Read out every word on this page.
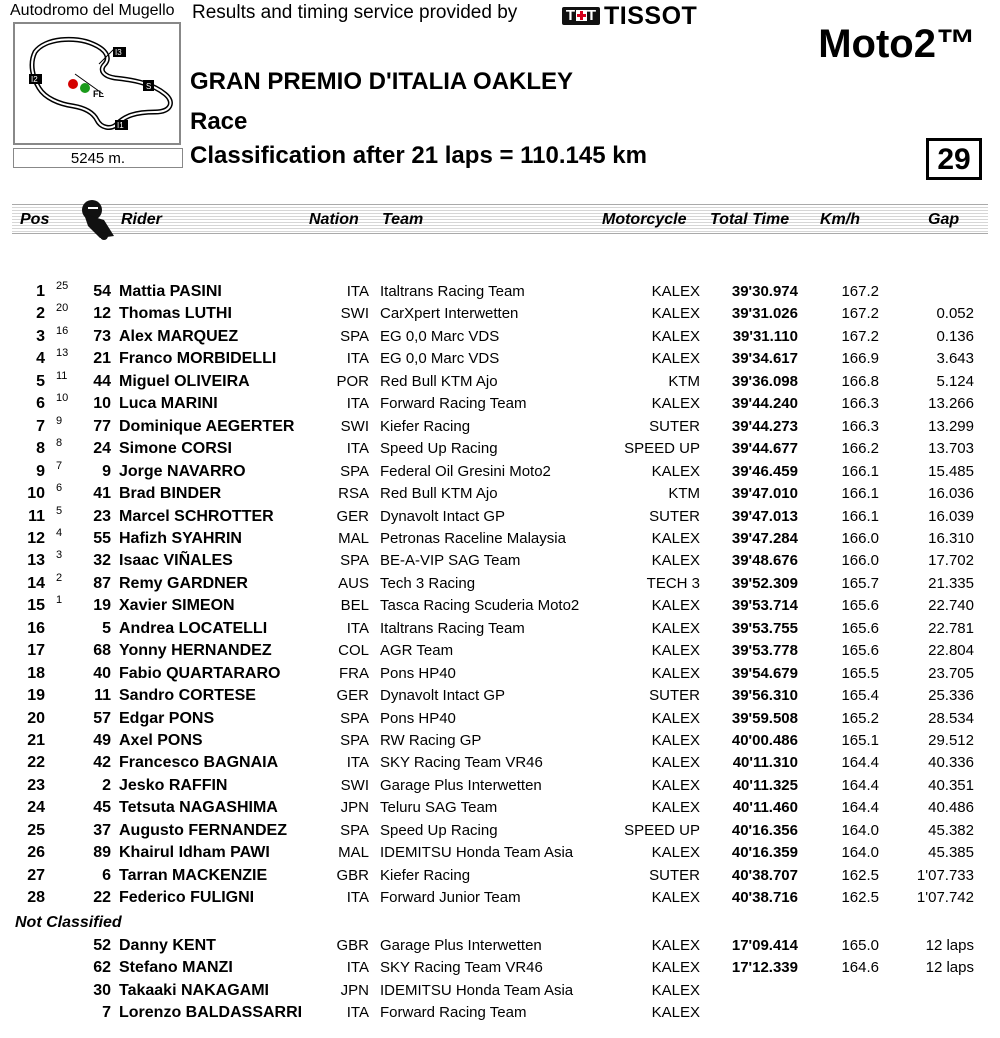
Autodromo del Mugello
I3
I2
S
FL
I1
5245 m.
Results and timing service provided by	T T TISSOT
Moto2™
GRAN PREMIO D'ITALIA OAKLEY
Race
Classification after 21 laps = 110.145 km	29
Pos	Rider	Nation Team	Motorcycle Total Time Km/h	Gap
1 25 54 Mattia PASINI	ITA Italtrans Racing Team	KALEX 39'30.974	167.2
2 20 12 Thomas LUTHI	SWI CarXpert Interwetten	KALEX 39'31.026	167.2	0.052
3 16 73 Alex MARQUEZ	SPA EG 0,0 Marc VDS	KALEX 39'31.110	167.2	0.136
4 13 21 Franco MORBIDELLI	ITA EG 0,0 Marc VDS	KALEX 39'34.617	166.9	3.643
5 11 44 Miguel OLIVEIRA	POR Red Bull KTM Ajo	KTM 39'36.098	166.8	5.124
6 10 10 Luca MARINI	ITA Forward Racing Team	KALEX 39'44.240	166.3	13.266
7 9 77 Dominique AEGERTER	SWI Kiefer Racing	SUTER 39'44.273	166.3	13.299
8 8 24 Simone CORSI	ITA Speed Up Racing	SPEED UP 39'44.677	166.2	13.703
9 7 9 Jorge NAVARRO	SPA Federal Oil Gresini Moto2	KALEX 39'46.459	166.1	15.485
10 6 41 Brad BINDER	RSA Red Bull KTM Ajo	KTM 39'47.010	166.1	16.036
11 5 23 Marcel SCHROTTER	GER Dynavolt Intact GP	SUTER 39'47.013	166.1	16.039
12 4 55 Hafizh SYAHRIN	MAL Petronas Raceline Malaysia	KALEX 39'47.284	166.0	16.310
13 3 32 Isaac VIÑALES	SPA BE-A-VIP SAG Team	KALEX 39'48.676	166.0	17.702
14 2 87 Remy GARDNER	AUS Tech 3 Racing	TECH 3 39'52.309	165.7	21.335
15 1 19 Xavier SIMEON	BEL Tasca Racing Scuderia Moto2	KALEX 39'53.714	165.6	22.740
16	5 Andrea LOCATELLI	ITA Italtrans Racing Team	KALEX 39'53.755	165.6	22.781
17	68 Yonny HERNANDEZ	COL AGR Team	KALEX 39'53.778	165.6	22.804
18	40 Fabio QUARTARARO	FRA Pons HP40	KALEX 39'54.679	165.5	23.705
19	11 Sandro CORTESE	GER Dynavolt Intact GP	SUTER 39'56.310	165.4	25.336
20	57 Edgar PONS	SPA Pons HP40	KALEX 39'59.508	165.2	28.534
21	49 Axel PONS	SPA RW Racing GP	KALEX 40'00.486	165.1	29.512
22	42 Francesco BAGNAIA	ITA SKY Racing Team VR46	KALEX 40'11.310	164.4	40.336
23	2 Jesko RAFFIN	SWI Garage Plus Interwetten	KALEX 40'11.325	164.4	40.351
24	45 Tetsuta NAGASHIMA	JPN Teluru SAG Team	KALEX 40'11.460	164.4	40.486
25	37 Augusto FERNANDEZ	SPA Speed Up Racing	SPEED UP 40'16.356	164.0	45.382
26	89 Khairul Idham PAWI	MAL IDEMITSU Honda Team Asia	KALEX 40'16.359	164.0	45.385
27	6 Tarran MACKENZIE	GBR Kiefer Racing	SUTER 40'38.707	162.5	1'07.733
28	22 Federico FULIGNI	ITA Forward Junior Team	KALEX 40'38.716	162.5	1'07.742
Not Classified
52 Danny KENT	GBR Garage Plus Interwetten	KALEX 17'09.414	165.0	12 laps
62 Stefano MANZI	ITA SKY Racing Team VR46	KALEX 17'12.339	164.6	12 laps
30 Takaaki NAKAGAMI	JPN IDEMITSU Honda Team Asia	KALEX
7 Lorenzo BALDASSARRI	ITA Forward Racing Team	KALEX
